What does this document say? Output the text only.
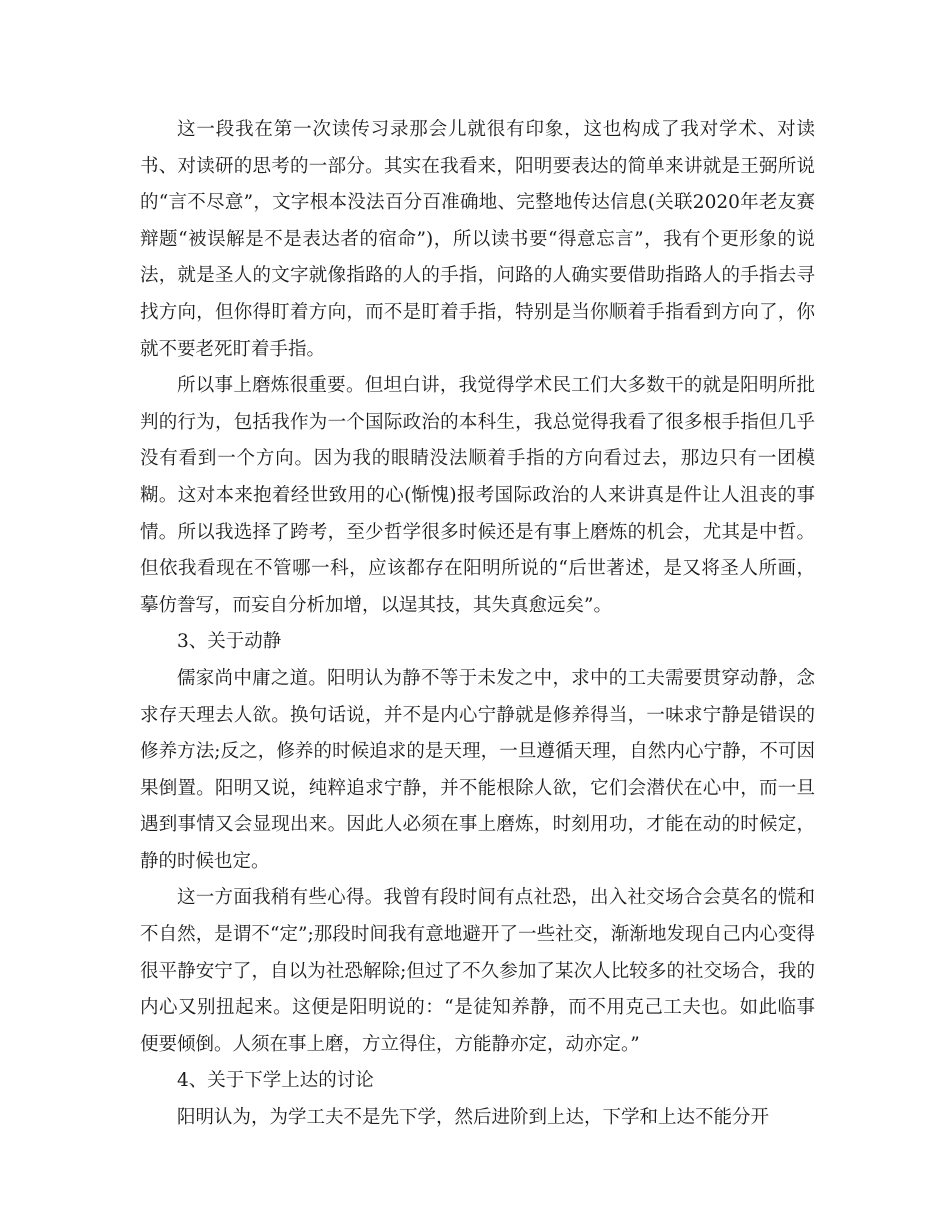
这一段我在第一次读传习录那会儿就很有印象，这也构成了我对学术、对读书、对读研的思考的一部分。其实在我看来，阳明要表达的简单来讲就是王弼所说的“言不尽意”，文字根本没法百分百准确地、完整地传达信息(关联2020年老友赛辩题“被误解是不是表达者的宿命”)，所以读书要“得意忘言”，我有个更形象的说法，就是圣人的文字就像指路的人的手指，问路的人确实要借助指路人的手指去寻找方向，但你得盯着方向，而不是盯着手指，特别是当你顺着手指看到方向了，你就不要老死盯着手指。

所以事上磨炼很重要。但坦白讲，我觉得学术民工们大多数干的就是阳明所批判的行为，包括我作为一个国际政治的本科生，我总觉得我看了很多根手指但几乎没有看到一个方向。因为我的眼睛没法顺着手指的方向看过去，那边只有一团模糊。这对本来抱着经世致用的心(惭愧)报考国际政治的人来讲真是件让人沮丧的事情。所以我选择了跨考，至少哲学很多时候还是有事上磨炼的机会，尤其是中哲。但依我看现在不管哪一科，应该都存在阳明所说的“后世著述，是又将圣人所画，摹仿誊写，而妄自分析加增，以逞其技，其失真愈远矣”。

3、关于动静

儒家尚中庸之道。阳明认为静不等于未发之中，求中的工夫需要贯穿动静，念求存天理去人欲。换句话说，并不是内心宁静就是修养得当，一味求宁静是错误的修养方法;反之，修养的时候追求的是天理，一旦遵循天理，自然内心宁静，不可因果倒置。阳明又说，纯粹追求宁静，并不能根除人欲，它们会潜伏在心中，而一旦遇到事情又会显现出来。因此人必须在事上磨炼，时刻用功，才能在动的时候定，静的时候也定。

这一方面我稍有些心得。我曾有段时间有点社恐，出入社交场合会莫名的慌和不自然，是谓不“定”;那段时间我有意地避开了一些社交，渐渐地发现自己内心变得很平静安宁了，自以为社恐解除;但过了不久参加了某次人比较多的社交场合，我的内心又别扭起来。这便是阳明说的：“是徒知养静，而不用克己工夫也。如此临事便要倾倒。人须在事上磨，方立得住，方能静亦定，动亦定。”

4、关于下学上达的讨论

阳明认为，为学工夫不是先下学，然后进阶到上达，下学和上达不能分开
